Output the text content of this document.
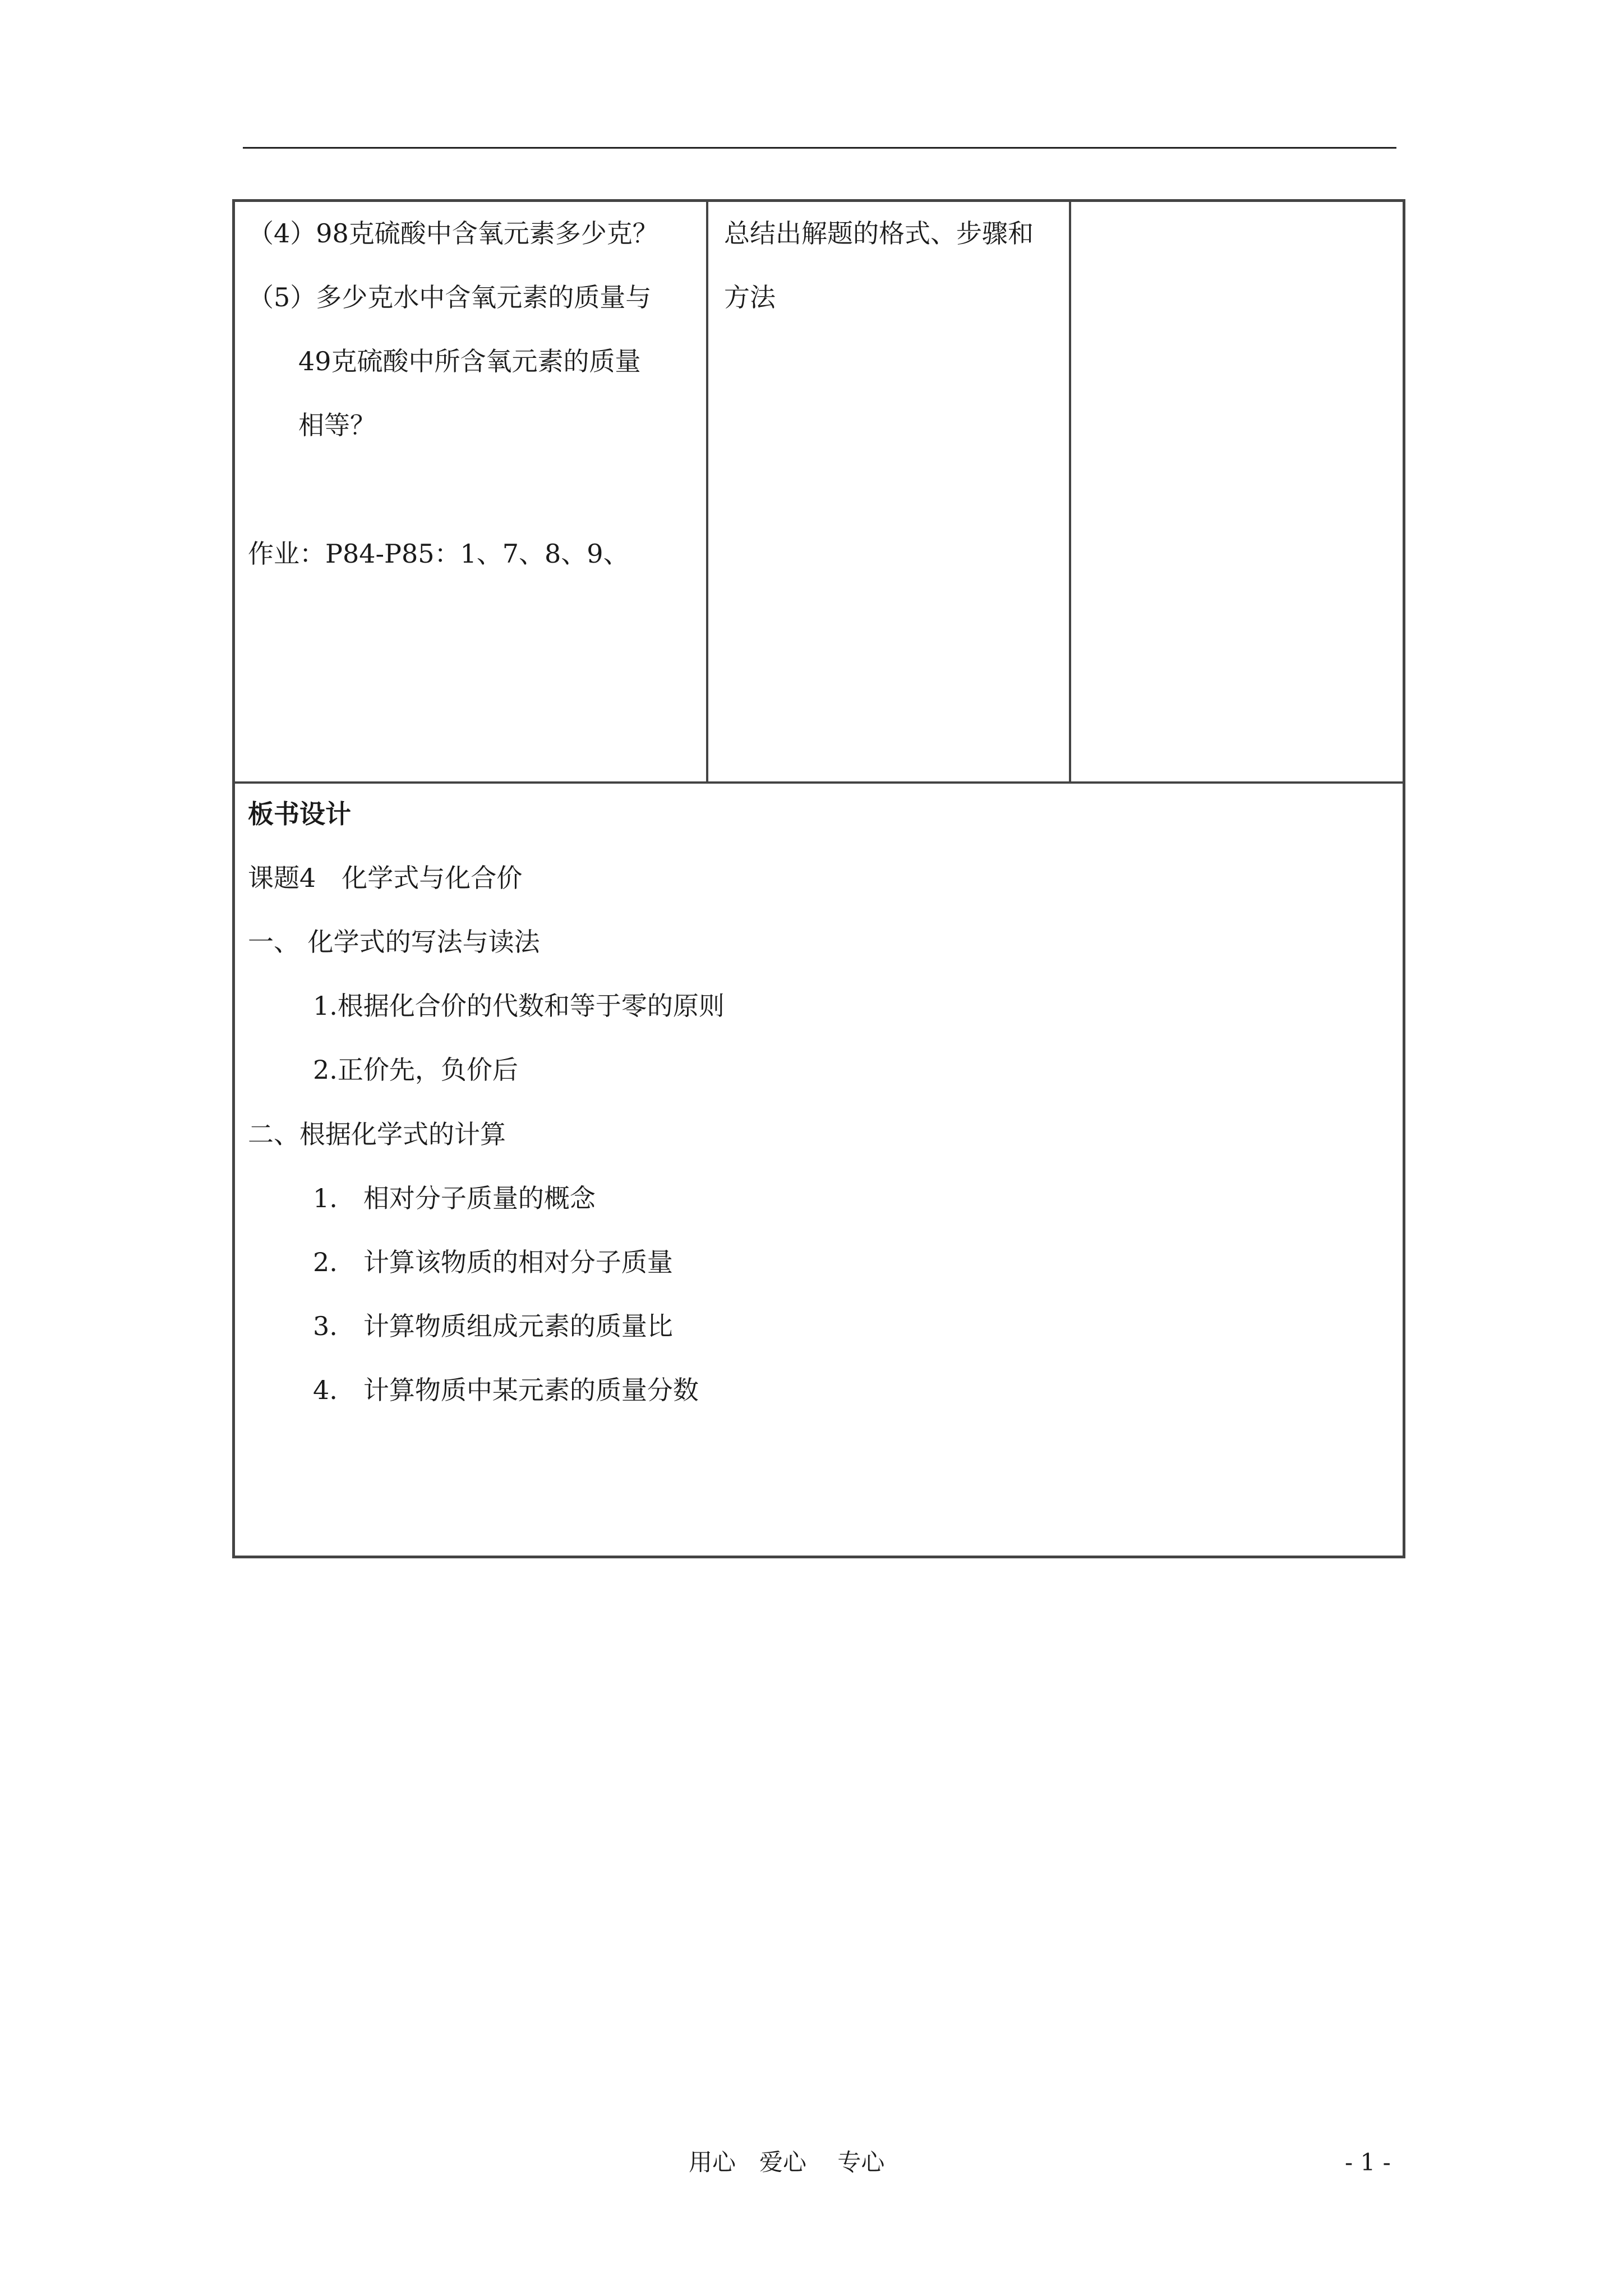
（4）98克硫酸中含氧元素多少克？
（5）多少克水中含氧元素的质量与
49克硫酸中所含氧元素的质量
相等？
作业：P84-P85：1、7、8、9、
总结出解题的格式、步骤和
方法
板书设计
课题4　化学式与化合价
一、 化学式的写法与读法
1.根据化合价的代数和等于零的原则
2.正价先，负价后
二、根据化学式的计算
1.　相对分子质量的概念
2.　计算该物质的相对分子质量
3.　计算物质组成元素的质量比
4.　计算物质中某元素的质量分数
用心　爱心　 专心	- 1 -
